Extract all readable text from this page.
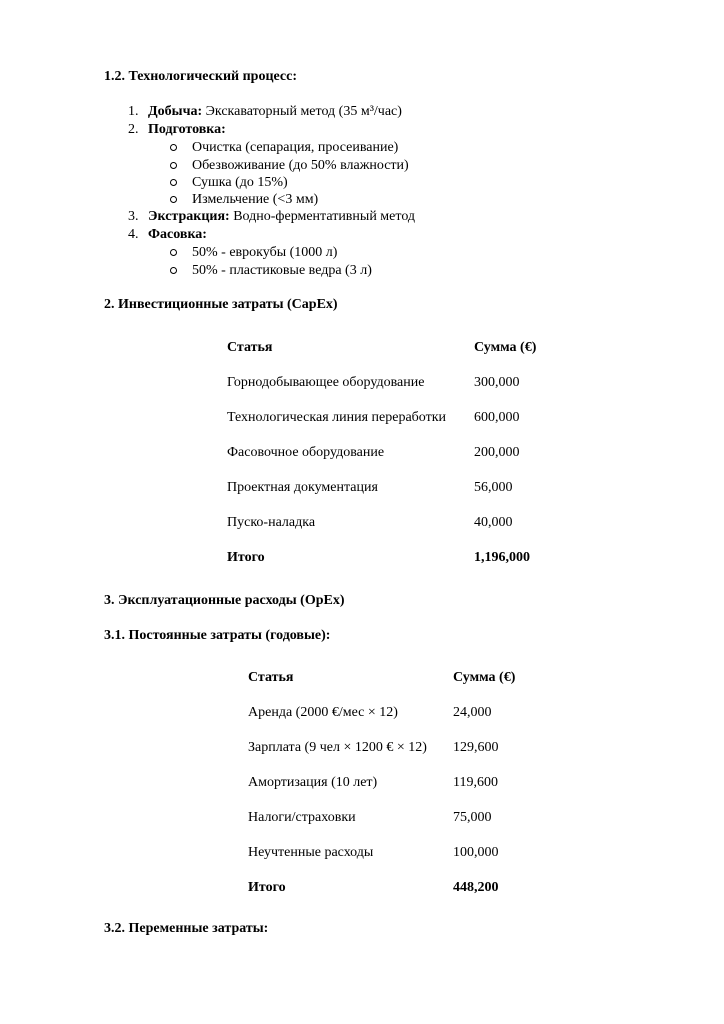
1.2. Технологический процесс:
1. Добыча: Экскаваторный метод (35 м³/час)
2. Подготовка:
Очистка (сепарация, просеивание)
Обезвоживание (до 50% влажности)
Сушка (до 15%)
Измельчение (<3 мм)
3. Экстракция: Водно-ферментативный метод
4. Фасовка:
50% - еврокубы (1000 л)
50% - пластиковые ведра (3 л)
2. Инвестиционные затраты (CapEx)
Статья	Сумма (€)
Горнодобывающее оборудование	300,000
Технологическая линия переработки 600,000
Фасовочное оборудование	200,000
Проектная документация	56,000
Пуско-наладка	40,000
Итого	1,196,000
3. Эксплуатационные расходы (OpEx)
3.1. Постоянные затраты (годовые):
Статья	Сумма (€)
Аренда (2000 €/мес × 12)	24,000
Зарплата (9 чел × 1200 € × 12) 129,600
Амортизация (10 лет)	119,600
Налоги/страховки	75,000
Неучтенные расходы	100,000
Итого	448,200
3.2. Переменные затраты:
